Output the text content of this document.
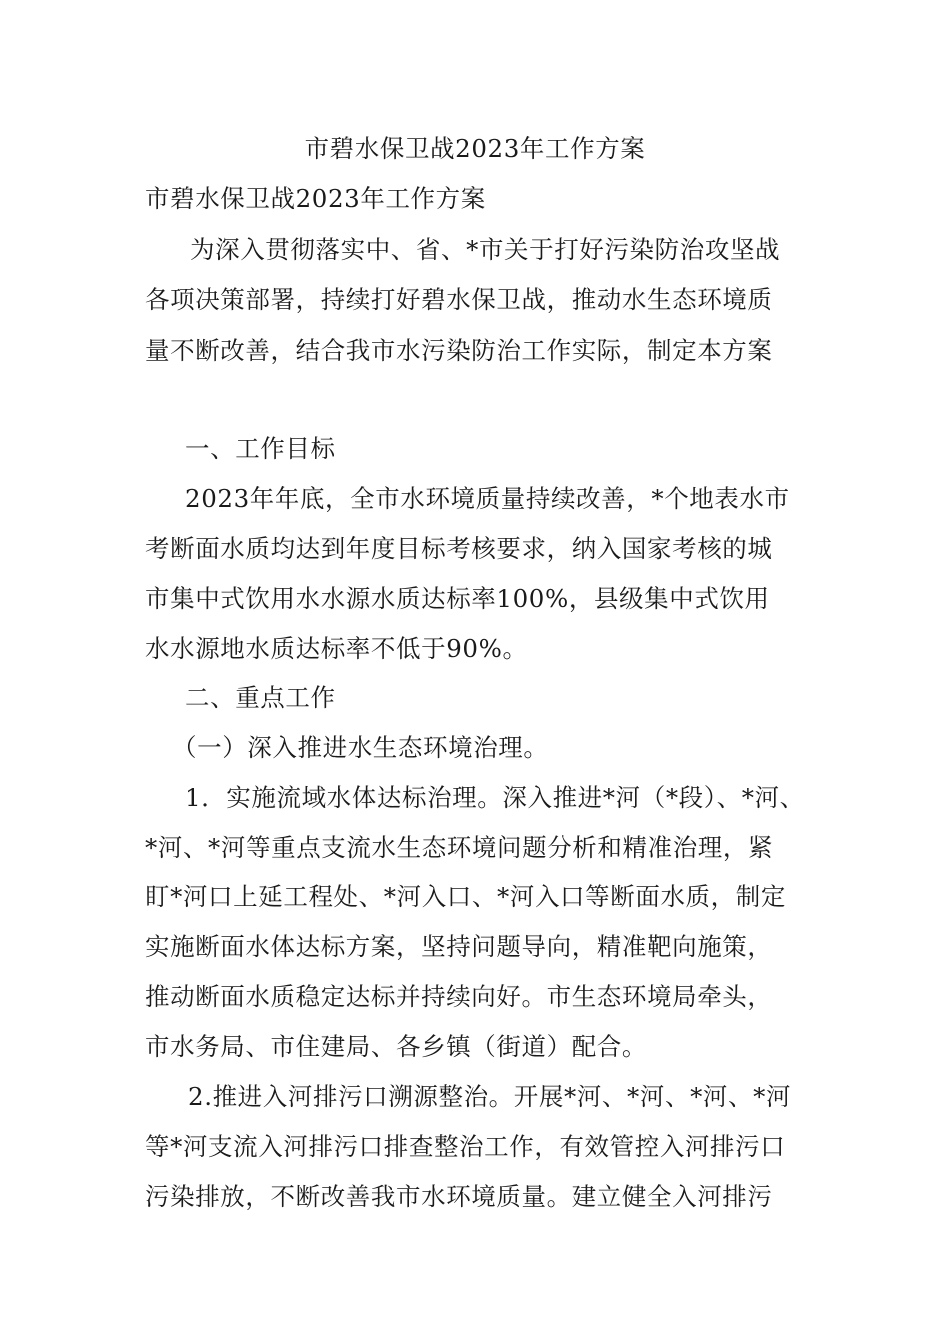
市碧水保卫战2023年工作方案
市碧水保卫战2023年工作方案
为深入贯彻落实中、省、*市关于打好污染防治攻坚战
各项决策部署，持续打好碧水保卫战，推动水生态环境质
量不断改善，结合我市水污染防治工作实际，制定本方案
一、工作目标
2023年年底，全市水环境质量持续改善，*个地表水市
考断面水质均达到年度目标考核要求，纳入国家考核的城
市集中式饮用水水源水质达标率100%，县级集中式饮用
水水源地水质达标率不低于90%。
二、重点工作
（一）深入推进水生态环境治理。
1．实施流域水体达标治理。深入推进*河（*段）、*河、
*河、*河等重点支流水生态环境问题分析和精准治理，紧
盯*河口上延工程处、*河入口、*河入口等断面水质，制定
实施断面水体达标方案，坚持问题导向，精准靶向施策，
推动断面水质稳定达标并持续向好。市生态环境局牵头，
市水务局、市住建局、各乡镇（街道）配合。
2.推进入河排污口溯源整治。开展*河、*河、*河、*河
等*河支流入河排污口排查整治工作，有效管控入河排污口
污染排放，不断改善我市水环境质量。建立健全入河排污
